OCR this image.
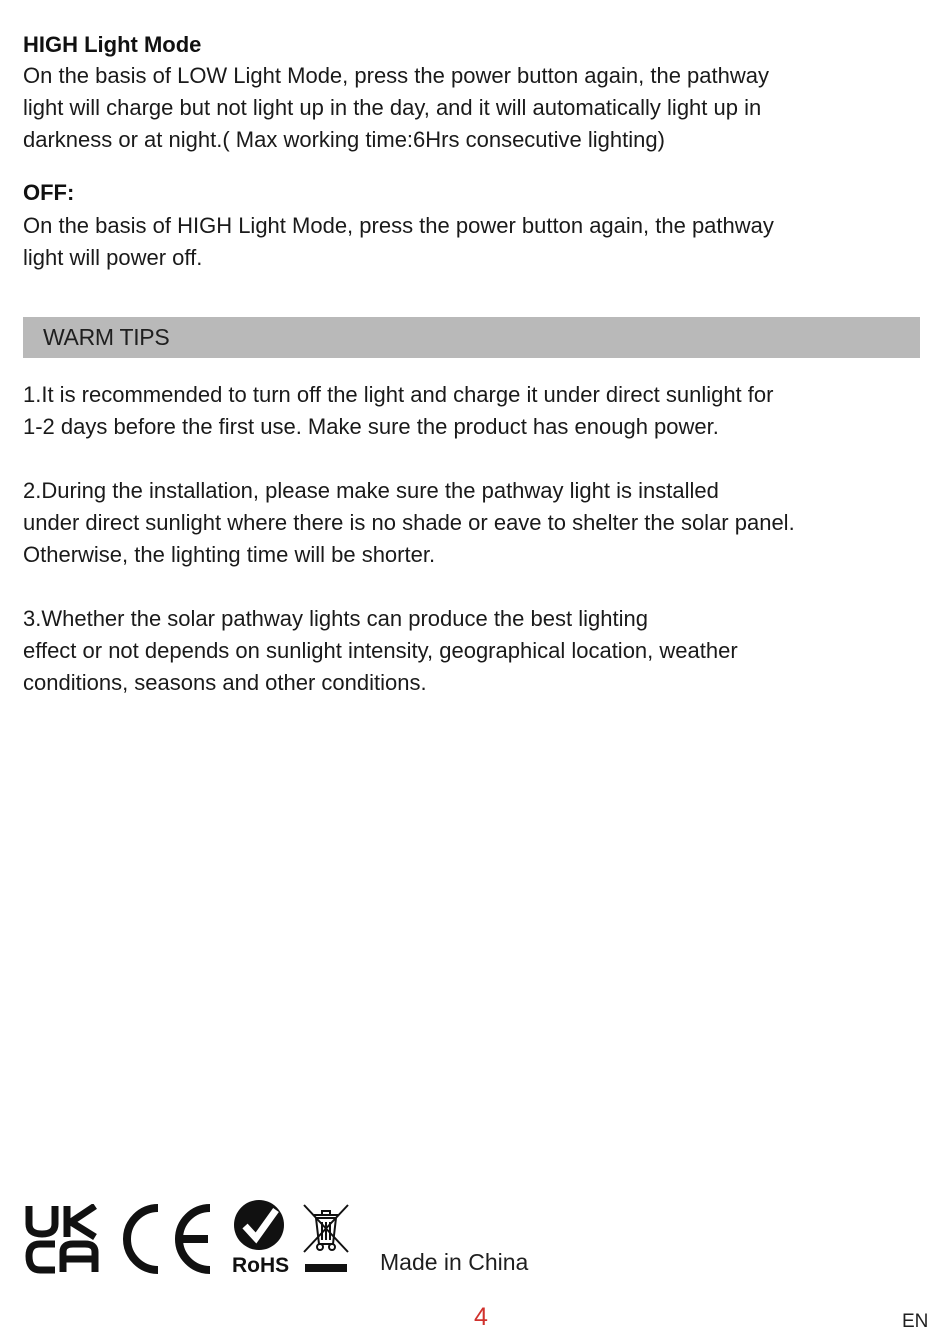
HIGH Light Mode

On the basis of LOW Light Mode, press the power button again, the pathway
light will charge but not light up in the day, and it will automatically light up in
darkness or at night.( Max working time:6Hrs consecutive lighting)

OFF:

On the basis of HIGH Light Mode, press the power button again, the pathway
light will power off.

WARM TIPS

1.It is recommended to turn off the light and charge it under direct sunlight for
1-2 days before the first use. Make sure the product has enough power.

2.During the installation, please make sure the pathway light is installed
under direct sunlight where there is no shade or eave to shelter the solar panel.
Otherwise, the lighting time will be shorter.

3.Whether the solar pathway lights can produce the best lighting
effect or not depends on sunlight intensity, geographical location, weather
conditions, seasons and other conditions.

RoHS	Made in China
4	EN
